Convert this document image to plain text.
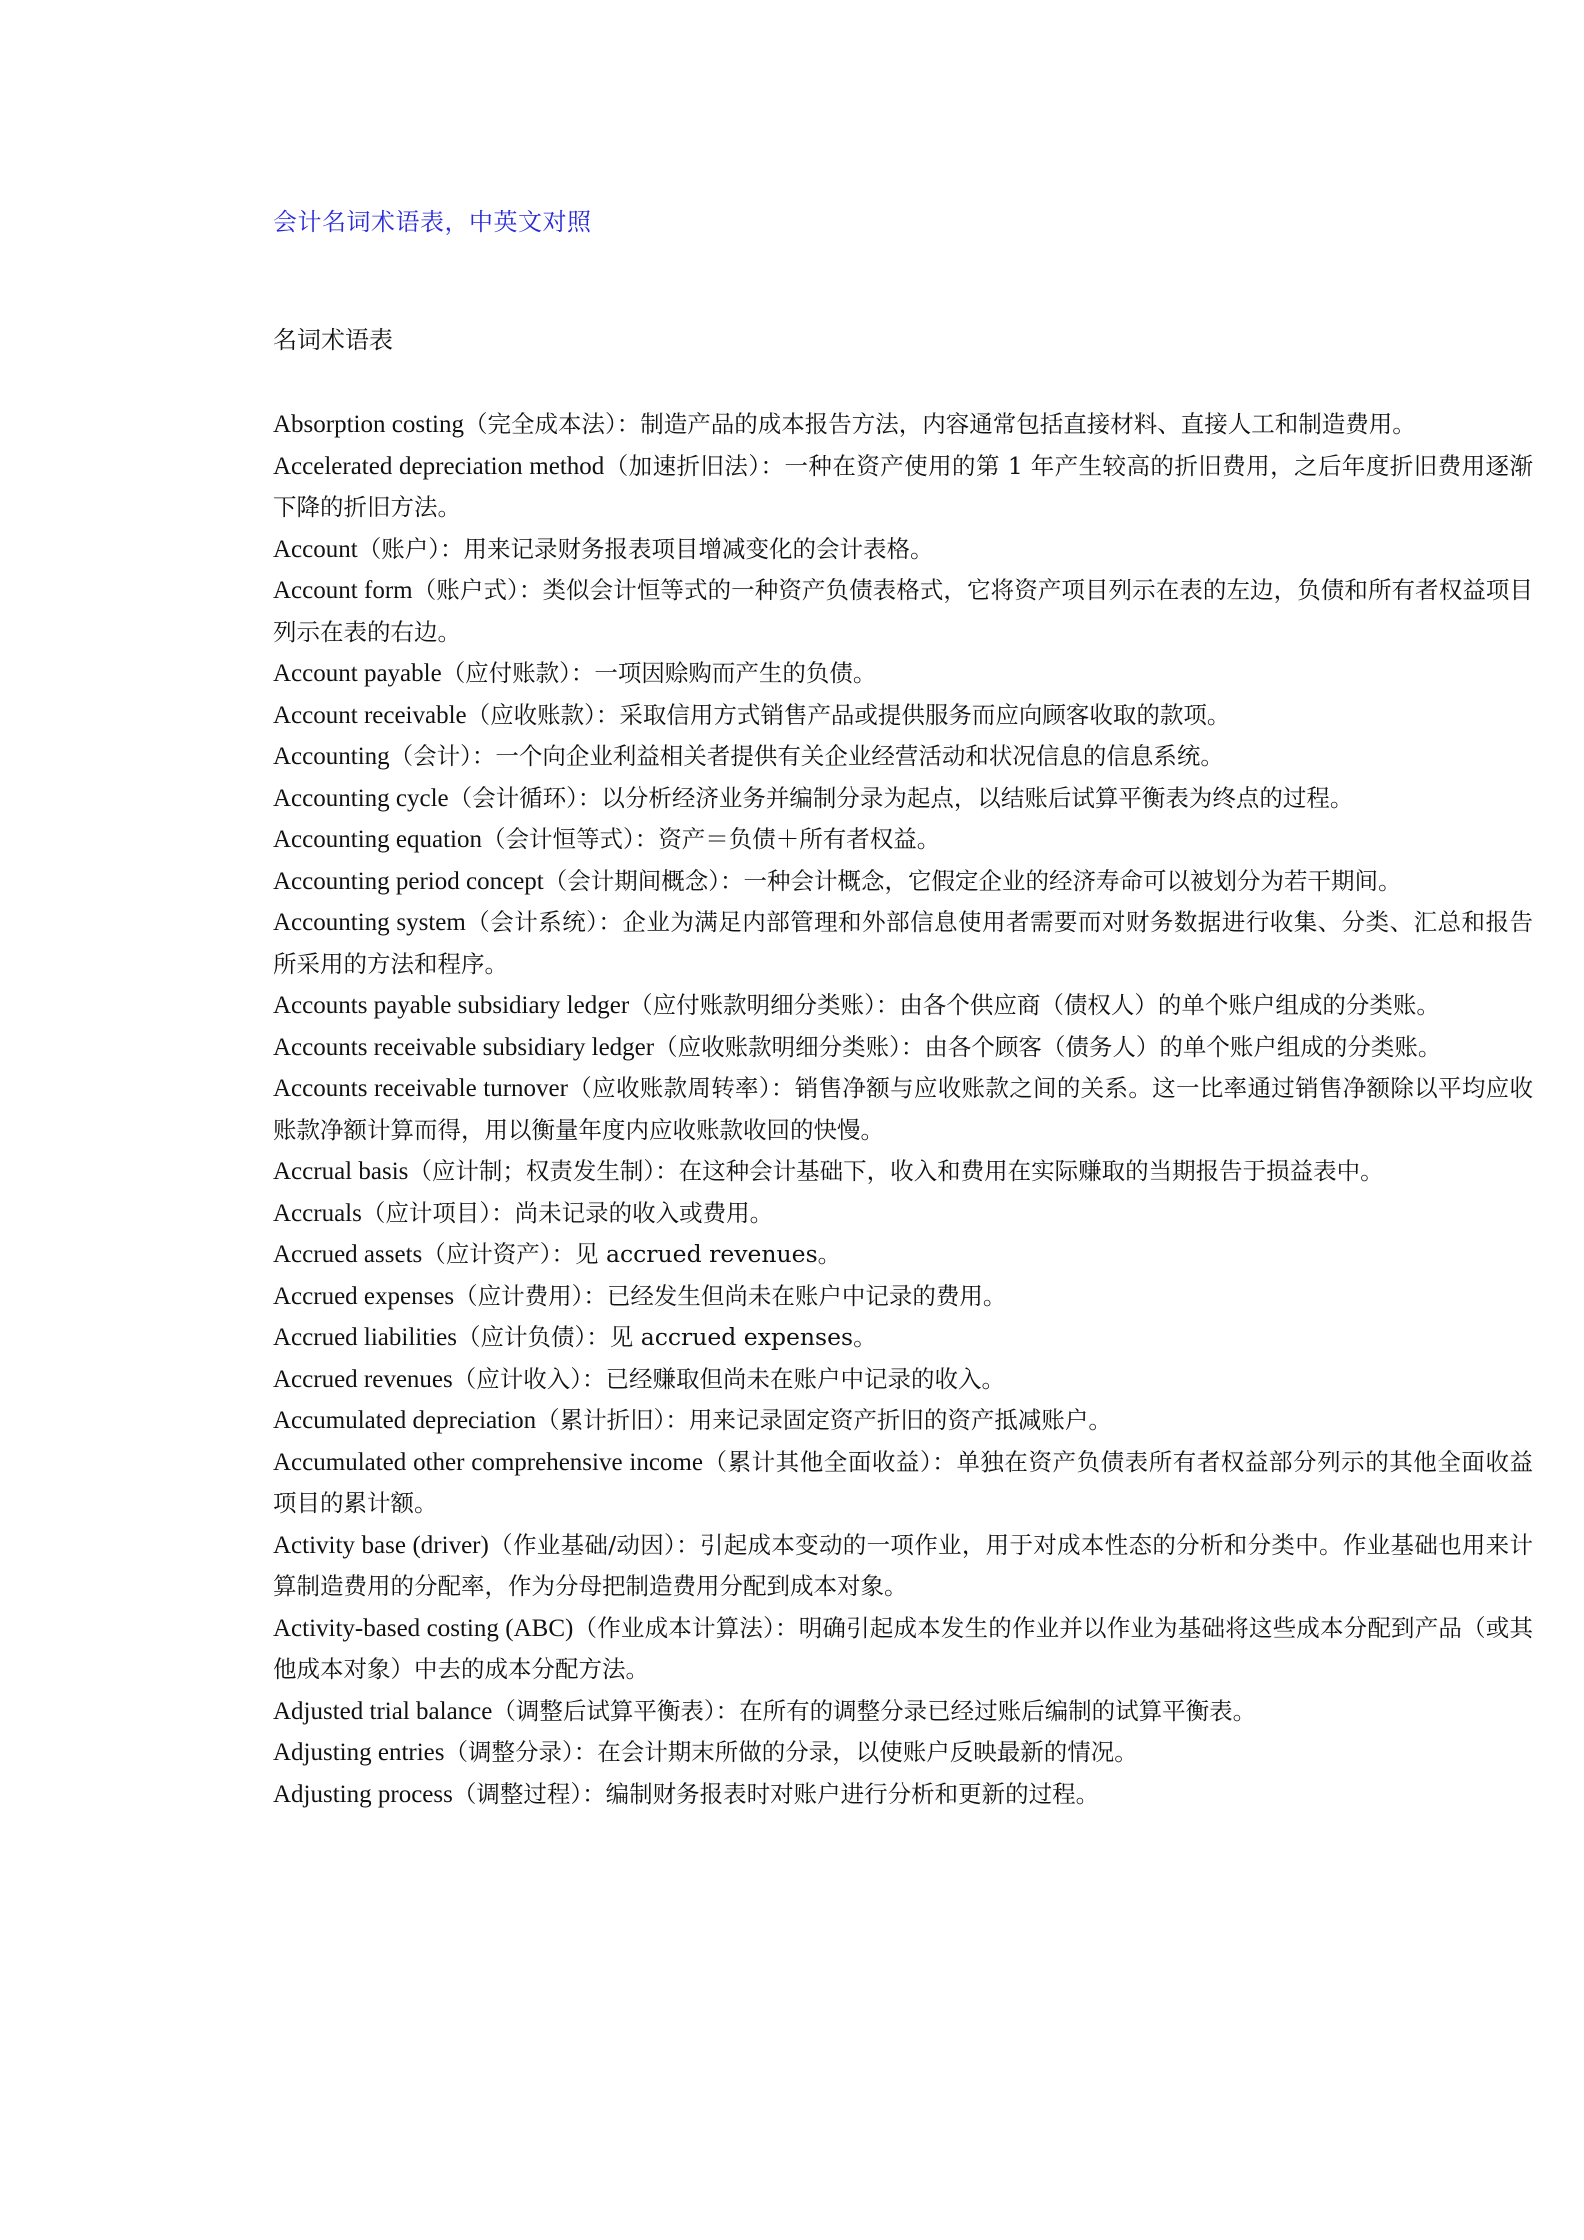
会计名词术语表，中英文对照
名词术语表
Absorption costing（完全成本法）：制造产品的成本报告方法，内容通常包括直接材料、直接人工和制造费用。
Accelerated depreciation method（加速折旧法）：一种在资产使用的第 1 年产生较高的折旧费用，之后年度折旧费用逐渐下降的折旧方法。
Account（账户）：用来记录财务报表项目增减变化的会计表格。
Account form（账户式）：类似会计恒等式的一种资产负债表格式，它将资产项目列示在表的左边，负债和所有者权益项目列示在表的右边。
Account payable（应付账款）：一项因赊购而产生的负债。
Account receivable（应收账款）：采取信用方式销售产品或提供服务而应向顾客收取的款项。
Accounting（会计）：一个向企业利益相关者提供有关企业经营活动和状况信息的信息系统。
Accounting cycle（会计循环）：以分析经济业务并编制分录为起点，以结账后试算平衡表为终点的过程。
Accounting equation（会计恒等式）：资产＝负债＋所有者权益。
Accounting period concept（会计期间概念）：一种会计概念，它假定企业的经济寿命可以被划分为若干期间。
Accounting system（会计系统）：企业为满足内部管理和外部信息使用者需要而对财务数据进行收集、分类、汇总和报告所采用的方法和程序。
Accounts payable subsidiary ledger（应付账款明细分类账）：由各个供应商（债权人）的单个账户组成的分类账。
Accounts receivable subsidiary ledger（应收账款明细分类账）：由各个顾客（债务人）的单个账户组成的分类账。
Accounts receivable turnover（应收账款周转率）：销售净额与应收账款之间的关系。这一比率通过销售净额除以平均应收账款净额计算而得，用以衡量年度内应收账款收回的快慢。
Accrual basis（应计制；权责发生制）：在这种会计基础下，收入和费用在实际赚取的当期报告于损益表中。
Accruals（应计项目）：尚未记录的收入或费用。
Accrued assets（应计资产）：见 accrued revenues。
Accrued expenses（应计费用）：已经发生但尚未在账户中记录的费用。
Accrued liabilities（应计负债）：见 accrued expenses。
Accrued revenues（应计收入）：已经赚取但尚未在账户中记录的收入。
Accumulated depreciation（累计折旧）：用来记录固定资产折旧的资产抵减账户。
Accumulated other comprehensive income（累计其他全面收益）：单独在资产负债表所有者权益部分列示的其他全面收益项目的累计额。
Activity base (driver)（作业基础/动因）：引起成本变动的一项作业，用于对成本性态的分析和分类中。作业基础也用来计算制造费用的分配率，作为分母把制造费用分配到成本对象。
Activity-based costing (ABC)（作业成本计算法）：明确引起成本发生的作业并以作业为基础将这些成本分配到产品（或其他成本对象）中去的成本分配方法。
Adjusted trial balance（调整后试算平衡表）：在所有的调整分录已经过账后编制的试算平衡表。
Adjusting entries（调整分录）：在会计期末所做的分录，以使账户反映最新的情况。
Adjusting process（调整过程）：编制财务报表时对账户进行分析和更新的过程。
